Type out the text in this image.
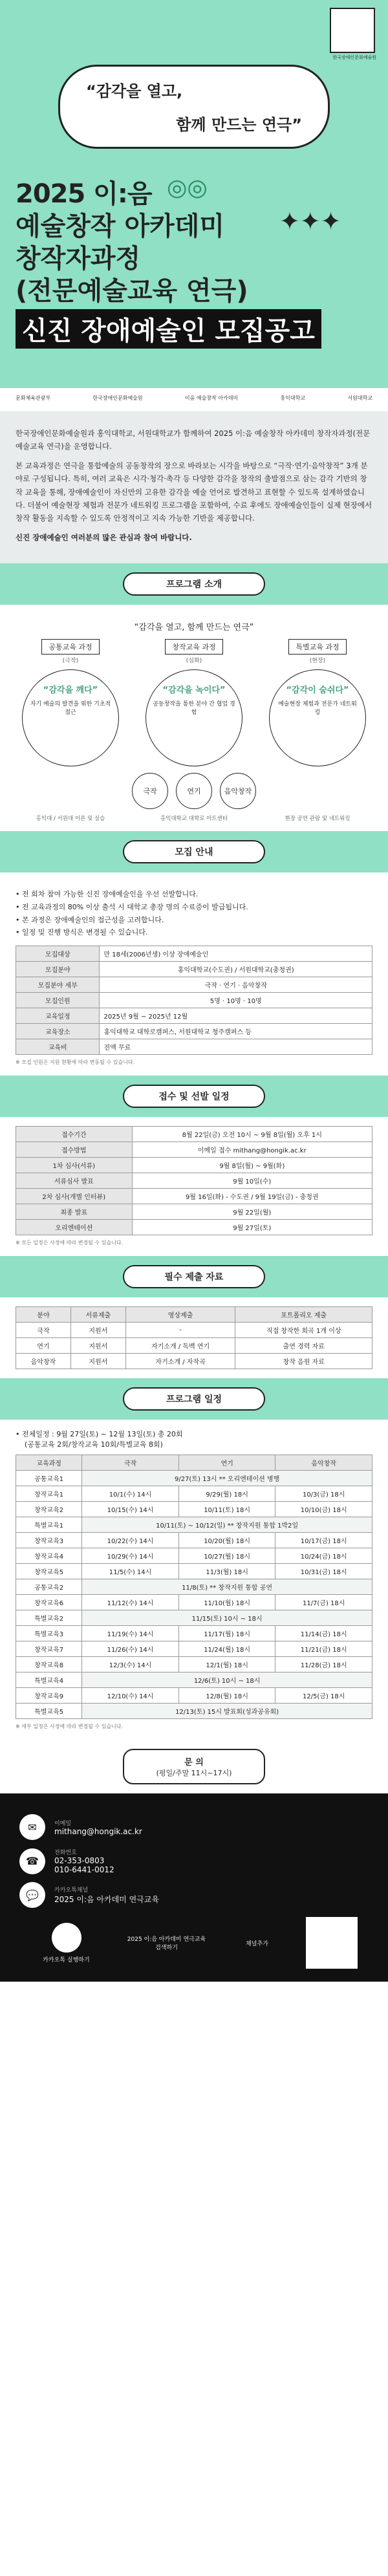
한국장애인문화예술원
“감각을 열고,
함께 만드는 연극”
2025 이:음 ◎◎
예술창작 아카데미 ✦✦✦
창작자과정
(전문예술교육 연극)
신진 장애예술인 모집공고
문화체육관광부	한국장애인문화예술원	이음 예술창작 아카데미	홍익대학교	서원대학교

한국장애인문화예술원과 홍익대학교, 서원대학교가 함께하여 2025 이:음 예술창작 아카데미 창작자과정(전문예술교육 연극)을 운영합니다.

본 교육과정은 연극을 통합예술의 공동창작의 장으로 바라보는 시각을 바탕으로 “극작·연기·음악창작” 3개 분야로 구성됩니다. 특히, 여러 교육은 시각·청각·촉각 등 다양한 감각을 창작의 출발점으로 삼는 감각 기반의 창작 교육을 통해, 장애예술인이 자신만의 고유한 감각을 예술 언어로 발견하고 표현할 수 있도록 설계하였습니다. 더불어 예술현장 체험과 전문가 네트워킹 프로그램을 포함하여, 수료 후에도 장애예술인들이 실제 현장에서 창작 활동을 지속할 수 있도록 안정적이고 지속 가능한 기반을 제공합니다.

신진 장애예술인 여러분의 많은 관심과 참여 바랍니다.

프로그램 소개
“감각을 열고, 함께 만드는 연극”
공통교육 과정
(극작)
“감각을 깨다”
자기 예술의 발견을 위한 기초적 접근
창작교육 과정
(심화)
“감각을 녹이다”
공동창작을 통한 분야 간 협업 경험
특별교육 과정
(현장)
“감각이 숨쉬다”
예술현장 체험과 전문가 네트워킹
극작	연기	음악창작
홍익대 / 서원대 이론 및 실습	홍익대학교 대학로 아트센터	현장 공연 관람 및 네트워킹
모집 안내
• 전 회차 참여 가능한 신진 장애예술인을 우선 선발합니다.
• 전 교육과정의 80% 이상 출석 시 대학교 총장 명의 수료증이 발급됩니다.
• 본 과정은 장애예술인의 접근성을 고려합니다.
• 일정 및 진행 방식은 변경될 수 있습니다.
모집대상	만 18세(2006년생) 이상 장애예술인
모집분야	홍익대학교(수도권) / 서원대학교(충청권)
모집분야 세부	극작 · 연기 · 음악창작
모집인원	5명 · 10명 · 10명
교육일정	2025년 9월 ~ 2025년 12월
교육장소	홍익대학교 대학로캠퍼스, 서원대학교 청주캠퍼스 등
교육비	전액 무료
※ 모집 인원은 지원 현황에 따라 변동될 수 있습니다.
접수 및 선발 일정
접수기간	8월 22일(금) 오전 10시 ~ 9월 8일(월) 오후 1시
접수방법	이메일 접수 mithang@hongik.ac.kr
1차 심사(서류)	9월 8일(월) ~ 9월(화)
서류심사 발표	9월 10일(수)
2차 심사(개별 인터뷰)	9월 16일(화) - 수도권 / 9월 19일(금) - 충청권
최종 발표	9월 22일(월)
오리엔테이션	9월 27일(토)
※ 모든 일정은 사정에 따라 변경될 수 있습니다.
필수 제출 자료
분야	서류제출	영상제출	포트폴리오 제출
극작	지원서	-	직접 창작한 희곡 1개 이상
연기	지원서	자기소개 / 독백 연기	출연 경력 자료
음악창작	지원서	자기소개 / 자작곡	창작 음원 자료
프로그램 일정
• 전체일정 : 9월 27일(토) ~ 12월 13일(토) 총 20회
(공통교육 2회/창작교육 10회/특별교육 8회)
교육과정	극작	연기	음악창작
공통교육1	9/27(토) 13시 ** 오리엔테이션 병행		
창작교육1	10/1(수) 14시	9/29(월) 18시	10/3(금) 18시
창작교육2	10/15(수) 14시	10/11(토) 18시	10/10(금) 18시
특별교육1	10/11(토) ~ 10/12(일) ** 창작지원 통합 1박2일		
창작교육3	10/22(수) 14시	10/20(월) 18시	10/17(금) 18시
창작교육4	10/29(수) 14시	10/27(월) 18시	10/24(금) 18시
창작교육5	11/5(수) 14시	11/3(월) 18시	10/31(금) 18시
공통교육2	11/8(토) ** 창작지원 통합 공연		
창작교육6	11/12(수) 14시	11/10(월) 18시	11/7(금) 18시
특별교육2	11/15(토) 10시 ~ 18시		
특별교육3	11/19(수) 14시	11/17(월) 18시	11/14(금) 18시
창작교육7	11/26(수) 14시	11/24(월) 18시	11/21(금) 18시
창작교육8	12/3(수) 14시	12/1(월) 18시	11/28(금) 18시
특별교육4	12/6(토) 10시 ~ 18시		
창작교육9	12/10(수) 14시	12/8(월) 18시	12/5(금) 18시
특별교육5	12/13(토) 15시 발표회(성과공유회)		
※ 세부 일정은 사정에 따라 변경될 수 있습니다.
문 의
(평일/주말 11시~17시)
✉	이메일
mithang@hongik.ac.kr
☎
전화번호
02-353-0803
010-6441-0012
💬	카카오톡채널
2025 이:음 아카데미 연극교육
카카오톡 실행하기
2025 이:음 아카데미 연극교육 검색하기
채널추가
